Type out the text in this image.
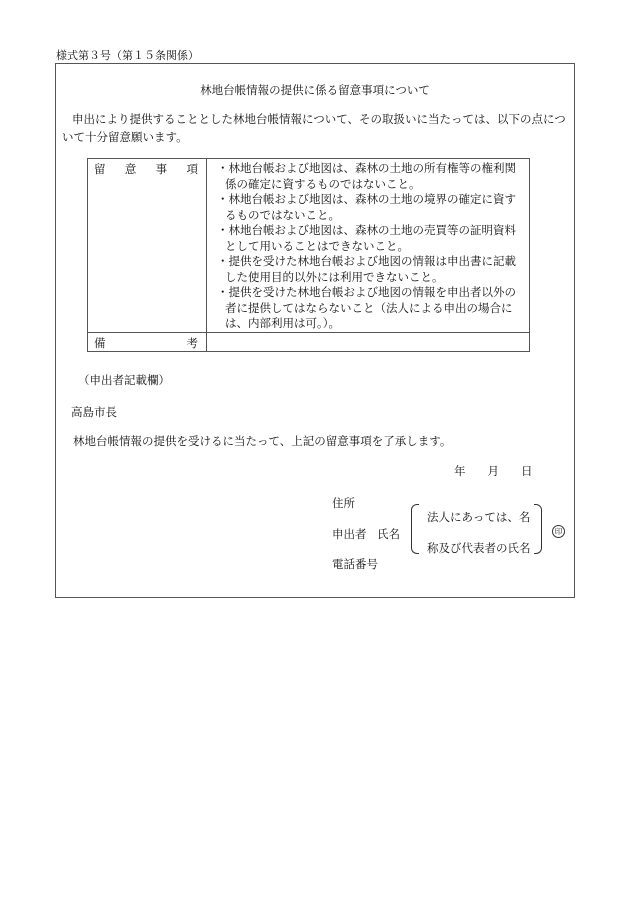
様式第３号（第１５条関係）
林地台帳情報の提供に係る留意事項について
申出により提供することとした林地台帳情報について、その取扱いに当たっては、以下の点について十分留意願います。
留意事項	・林地台帳および地図は、森林の土地の所有権等の権利関係の確定に資するものではないこと。

・林地台帳および地図は、森林の土地の境界の確定に資するものではないこと。

・林地台帳および地図は、森林の土地の売買等の証明資料として用いることはできないこと。

・提供を受けた林地台帳および地図の情報は申出書に記載した使用目的以外には利用できないこと。

・提供を受けた林地台帳および地図の情報を申出者以外の者に提供してはならないこと（法人による申出の場合には、内部利用は可。）。

備考	

（申出者記載欄）
高島市長
林地台帳情報の提供を受けるに当たって、上記の留意事項を了承します。
年 月 日
住所
申出者 氏名
法人にあっては、名
称及び代表者の氏名
印
電話番号
